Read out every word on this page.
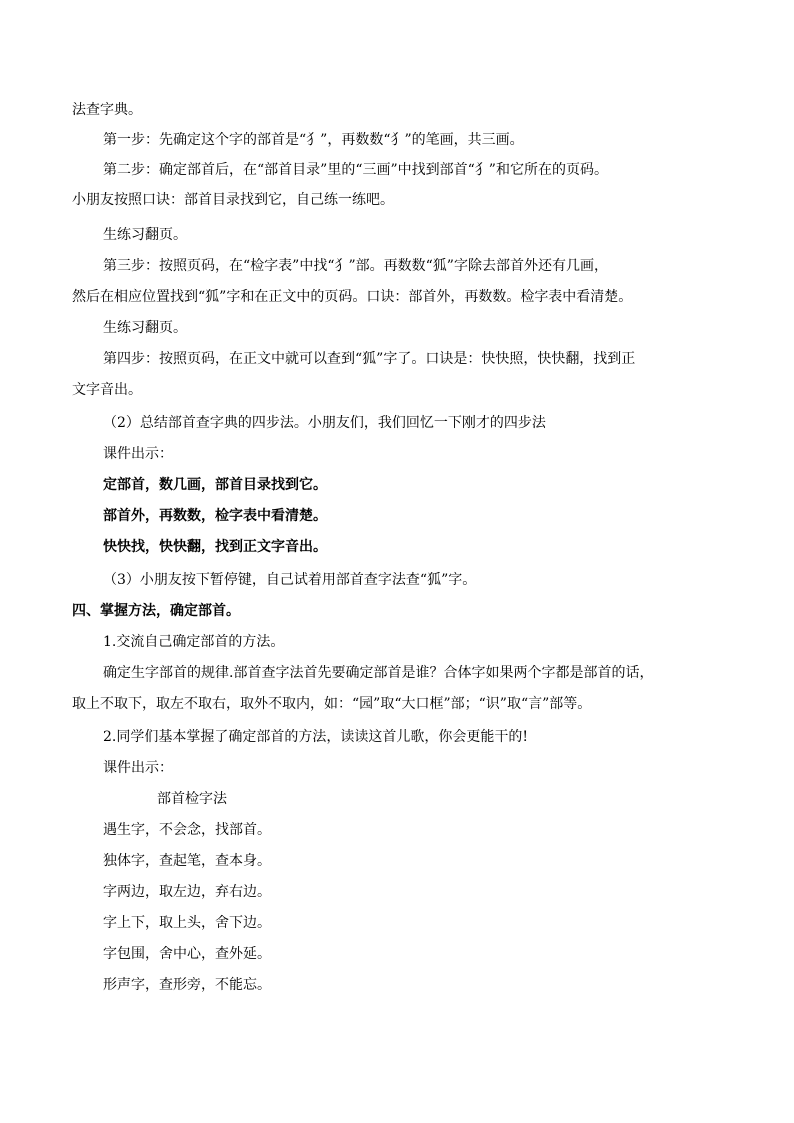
法查字典。
第一步：先确定这个字的部首是“犭”，再数数“犭”的笔画，共三画。
第二步：确定部首后，在“部首目录”里的“三画”中找到部首“犭”和它所在的页码。
小朋友按照口诀：部首目录找到它，自己练一练吧。
生练习翻页。
第三步：按照页码，在“检字表”中找“犭”部。再数数“狐”字除去部首外还有几画，
然后在相应位置找到“狐”字和在正文中的页码。口诀：部首外，再数数。检字表中看清楚。
生练习翻页。
第四步：按照页码，在正文中就可以查到“狐”字了。口诀是：快快照，快快翻，找到正
文字音出。
（2）总结部首查字典的四步法。小朋友们，我们回忆一下刚才的四步法
课件出示：
定部首，数几画，部首目录找到它。
部首外，再数数，检字表中看清楚。
快快找，快快翻，找到正文字音出。
（3）小朋友按下暂停键，自己试着用部首查字法查“狐”字。
四、掌握方法，确定部首。
1.交流自己确定部首的方法。
确定生字部首的规律.部首查字法首先要确定部首是谁？合体字如果两个字都是部首的话，
取上不取下，取左不取右，取外不取内，如：“园”取“大口框”部；“识”取“言”部等。
2.同学们基本掌握了确定部首的方法，读读这首儿歌，你会更能干的!
课件出示：
部首检字法
遇生字，不会念，找部首。
独体字，查起笔，查本身。
字两边，取左边，弃右边。
字上下，取上头，舍下边。
字包围，舍中心，查外延。
形声字，查形旁，不能忘。
